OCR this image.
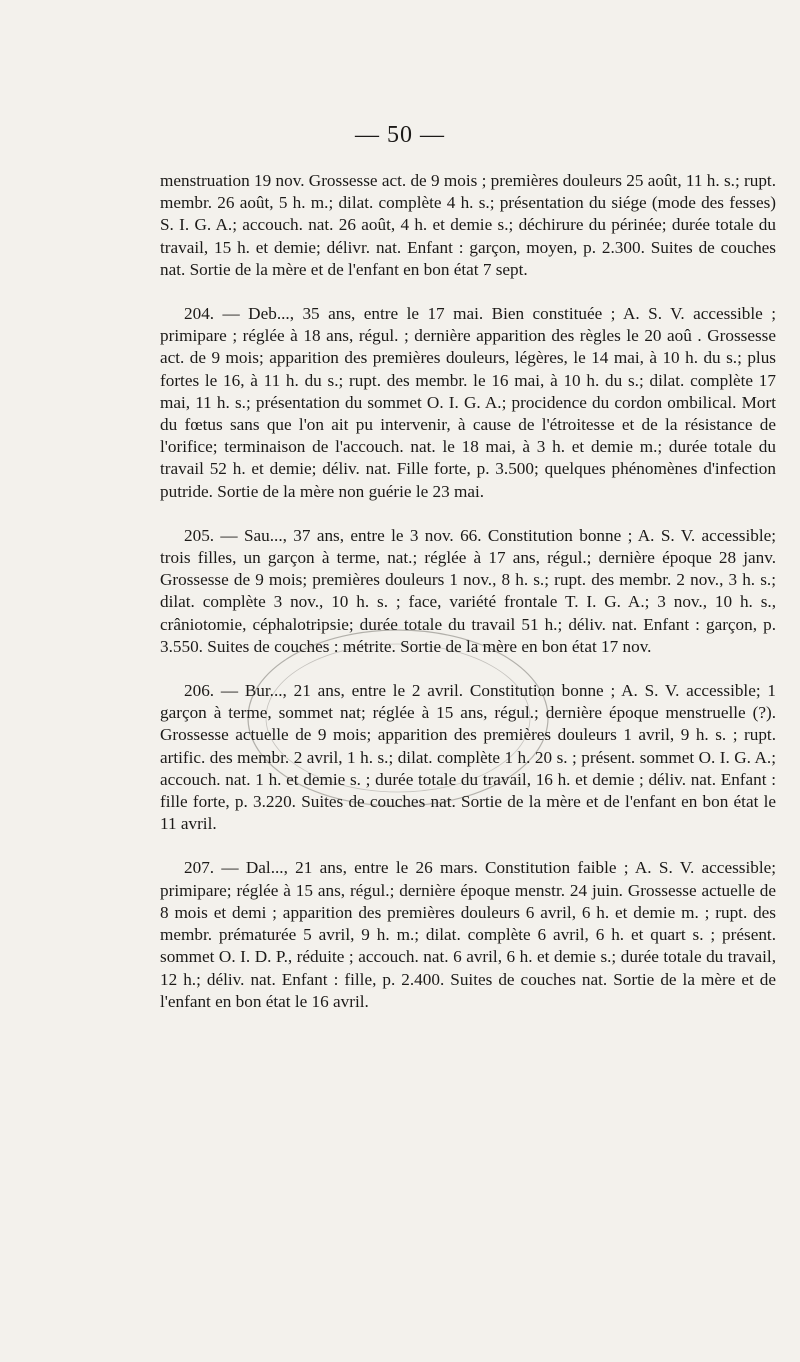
— 50 —

menstruation 19 nov. Grossesse act. de 9 mois ; premières douleurs 25 août, 11 h. s.; rupt. membr. 26 août, 5 h. m.; dilat. complète 4 h. s.; présentation du siége (mode des fesses) S. I. G. A.; accouch. nat. 26 août, 4 h. et demie s.; déchirure du périnée; durée totale du travail, 15 h. et demie; délivr. nat. Enfant : garçon, moyen, p. 2.300. Suites de couches nat. Sortie de la mère et de l'enfant en bon état 7 sept.

204. — Deb..., 35 ans, entre le 17 mai. Bien constituée ; A. S. V. accessible ; primipare ; réglée à 18 ans, régul. ; dernière apparition des règles le 20 aoû . Grossesse act. de 9 mois; apparition des premières douleurs, légères, le 14 mai, à 10 h. du s.; plus fortes le 16, à 11 h. du s.; rupt. des membr. le 16 mai, à 10 h. du s.; dilat. complète 17 mai, 11 h. s.; présentation du sommet O. I. G. A.; procidence du cordon ombilical. Mort du fœtus sans que l'on ait pu intervenir, à cause de l'étroitesse et de la résistance de l'orifice; terminaison de l'accouch. nat. le 18 mai, à 3 h. et demie m.; durée totale du travail 52 h. et demie; déliv. nat. Fille forte, p. 3.500; quelques phénomènes d'infection putride. Sortie de la mère non guérie le 23 mai.

205. — Sau..., 37 ans, entre le 3 nov. 66. Constitution bonne ; A. S. V. accessible; trois filles, un garçon à terme, nat.; réglée à 17 ans, régul.; dernière époque 28 janv. Grossesse de 9 mois; premières douleurs 1 nov., 8 h. s.; rupt. des membr. 2 nov., 3 h. s.; dilat. complète 3 nov., 10 h. s. ; face, variété frontale T. I. G. A.; 3 nov., 10 h. s., crâniotomie, céphalotripsie; durée totale du travail 51 h.; déliv. nat. Enfant : garçon, p. 3.550. Suites de couches : métrite. Sortie de la mère en bon état 17 nov.

206. — Bur..., 21 ans, entre le 2 avril. Constitution bonne ; A. S. V. accessible; 1 garçon à terme, sommet nat; réglée à 15 ans, régul.; dernière époque menstruelle (?). Grossesse actuelle de 9 mois; apparition des premières douleurs 1 avril, 9 h. s. ; rupt. artific. des membr. 2 avril, 1 h. s.; dilat. complète 1 h. 20 s. ; présent. sommet O. I. G. A.; accouch. nat. 1 h. et demie s. ; durée totale du travail, 16 h. et demie ; déliv. nat. Enfant : fille forte, p. 3.220. Suites de couches nat. Sortie de la mère et de l'enfant en bon état le 11 avril.

207. — Dal..., 21 ans, entre le 26 mars. Constitution faible ; A. S. V. accessible; primipare; réglée à 15 ans, régul.; dernière époque menstr. 24 juin. Grossesse actuelle de 8 mois et demi ; apparition des premières douleurs 6 avril, 6 h. et demie m. ; rupt. des membr. prématurée 5 avril, 9 h. m.; dilat. complète 6 avril, 6 h. et quart s. ; présent. sommet O. I. D. P., réduite ; accouch. nat. 6 avril, 6 h. et demie s.; durée totale du travail, 12 h.; déliv. nat. Enfant : fille, p. 2.400. Suites de couches nat. Sortie de la mère et de l'enfant en bon état le 16 avril.
